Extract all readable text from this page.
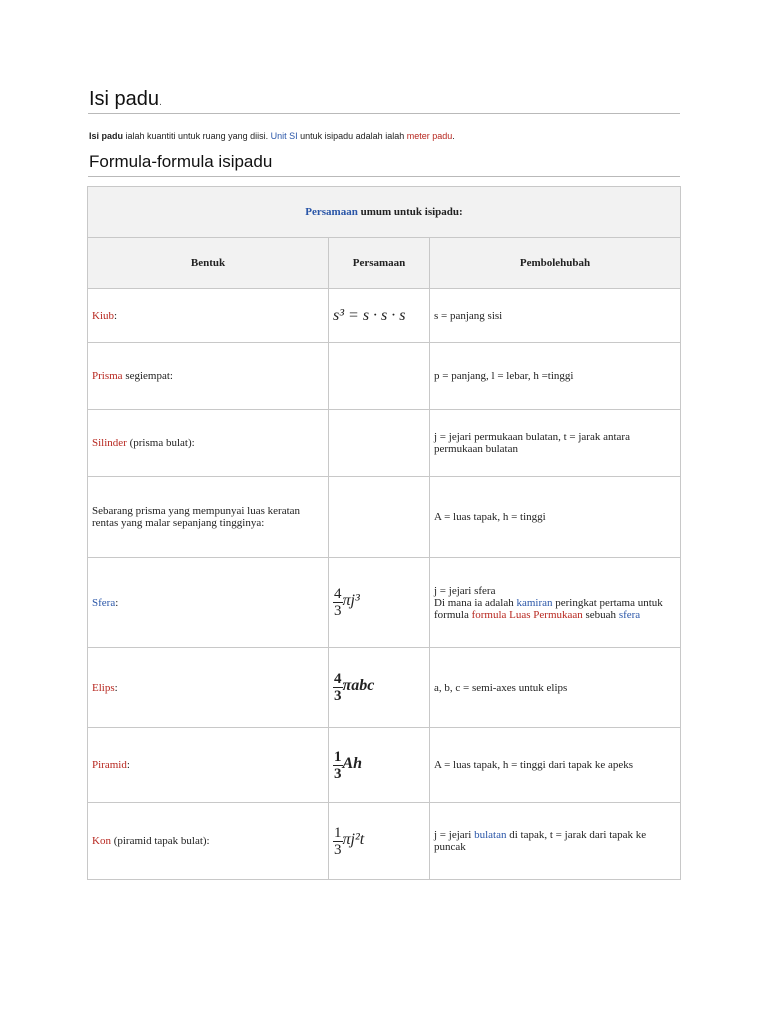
Isi padu.
Isi padu ialah kuantiti untuk ruang yang diisi. Unit SI untuk isipadu adalah ialah meter padu.
Formula-formula isipadu
Persamaan umum untuk isipadu:		
Bentuk	Persamaan	Pembolehubah
Kiub:	s³ = s · s · s	s = panjang sisi
Prisma segiempat:		p = panjang, l = lebar, h =tinggi
Silinder (prisma bulat):		j = jejari permukaan bulatan, t = jarak antara permukaan bulatan
Sebarang prisma yang mempunyai luas keratan rentas yang malar sepanjang tingginya:		A = luas tapak, h = tinggi
Sfera:	$\frac{4}{3} \pi j^3$	j = jejari sfera
Di mana ia adalah kamiran peringkat pertama untuk formula formula Luas Permukaan sebuah sfera
Elips:	$\frac{4}{3}$ πabc	a, b, c = semi-axes untuk elips
Piramid:	$\frac{1}{3}$ Ah	A = luas tapak, h = tinggi dari tapak ke apeks
Kon (piramid tapak bulat):	$\frac{1}{3} \pi j^2t$	j = jejari bulatan di tapak, t = jarak dari tapak ke puncak
